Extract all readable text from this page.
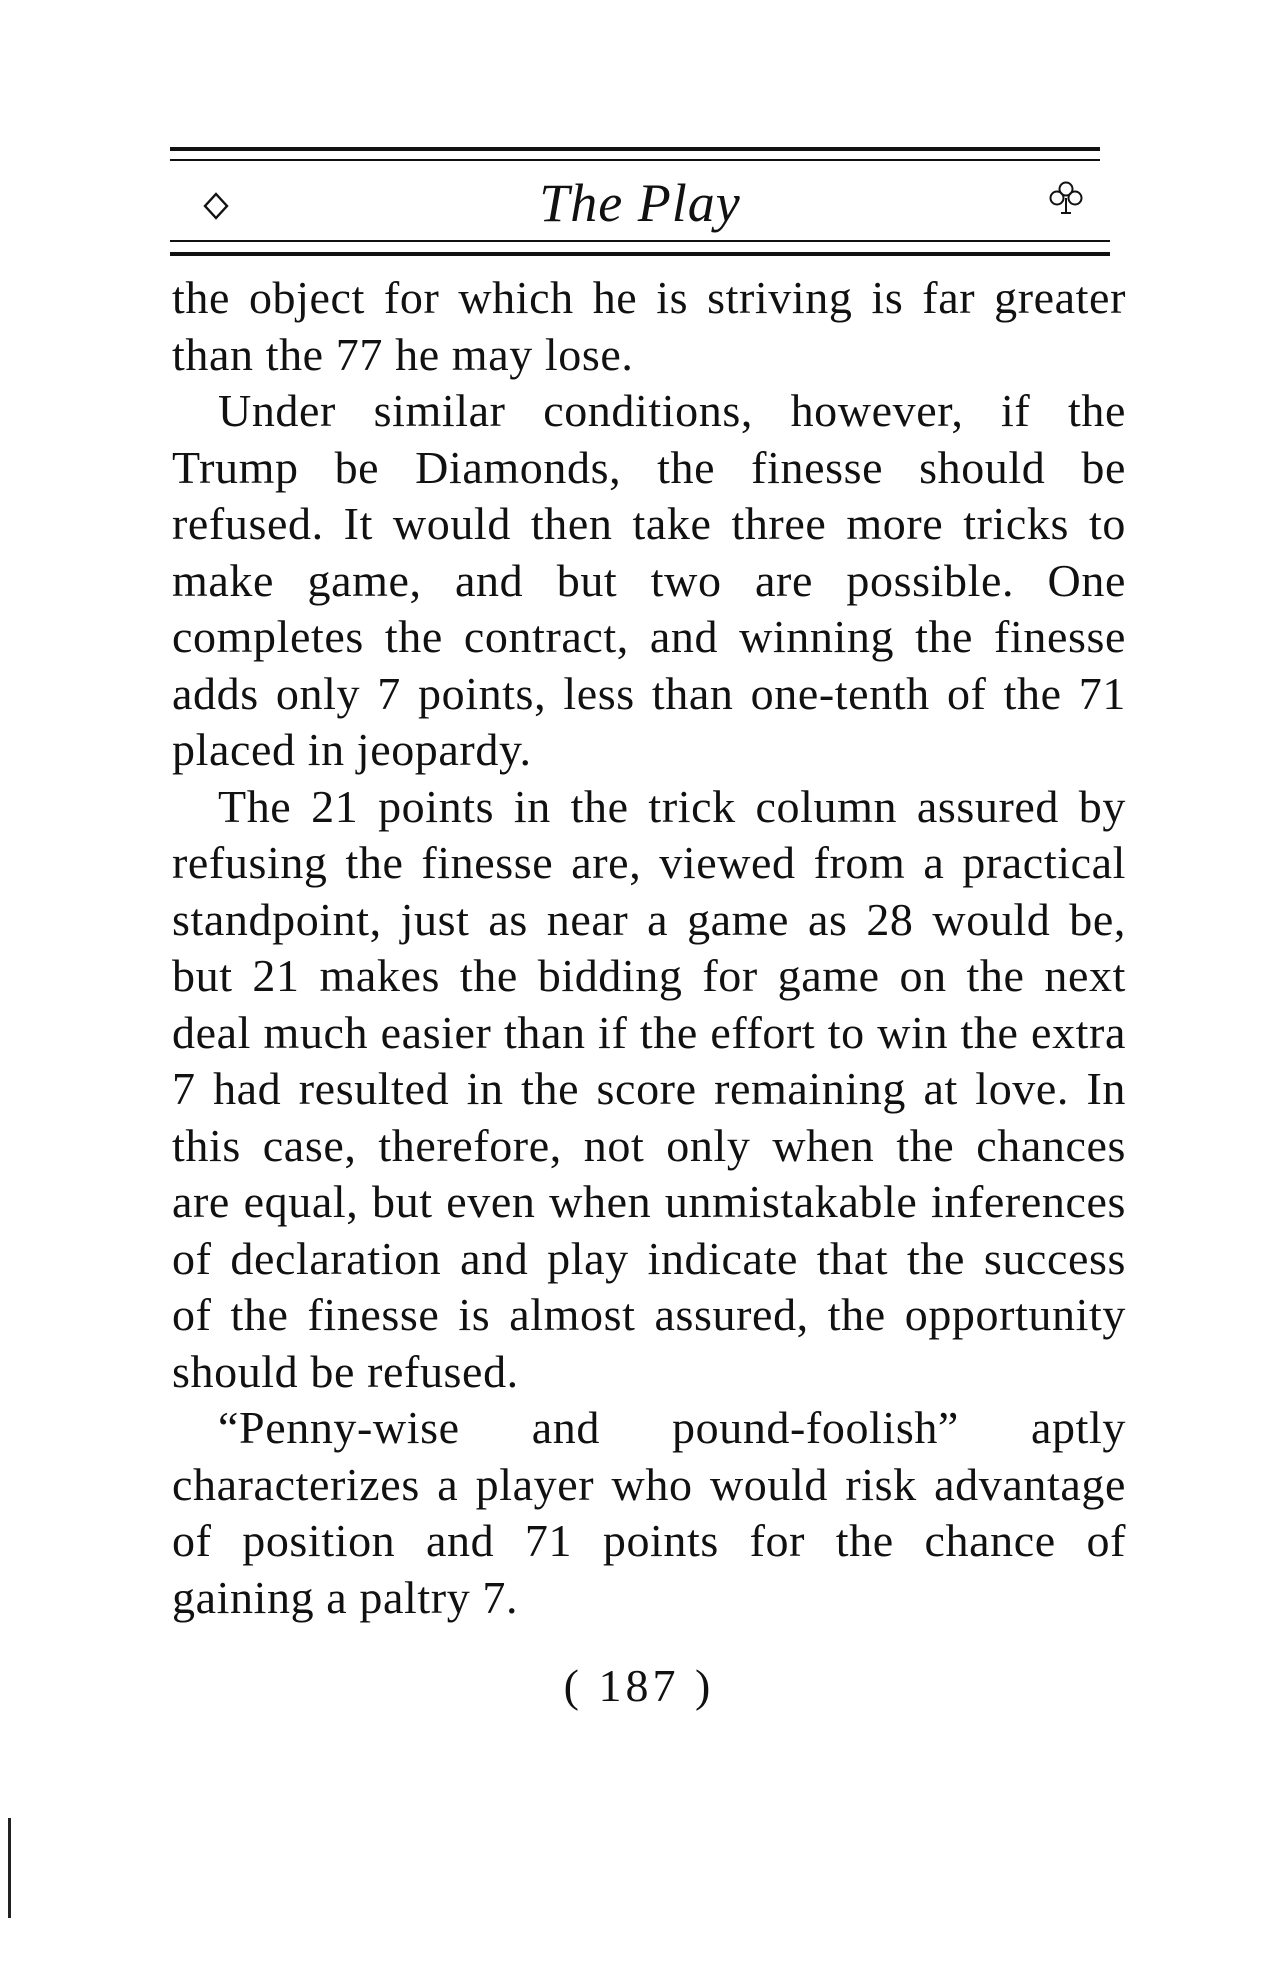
The Play

the object for which he is striving is far greater than the 77 he may lose.

Under similar conditions, however, if the Trump be Diamonds, the finesse should be refused. It would then take three more tricks to make game, and but two are possible. One completes the contract, and winning the finesse adds only 7 points, less than one-tenth of the 71 placed in jeopardy.

The 21 points in the trick column assured by refusing the finesse are, viewed from a practical standpoint, just as near a game as 28 would be, but 21 makes the bidding for game on the next deal much easier than if the effort to win the extra 7 had resulted in the score remaining at love. In this case, therefore, not only when the chances are equal, but even when unmistakable inferences of declaration and play indicate that the success of the finesse is almost assured, the opportunity should be refused.

“Penny-wise and pound-foolish” aptly characterizes a player who would risk advantage of position and 71 points for the chance of gaining a paltry 7.

( 187 )
